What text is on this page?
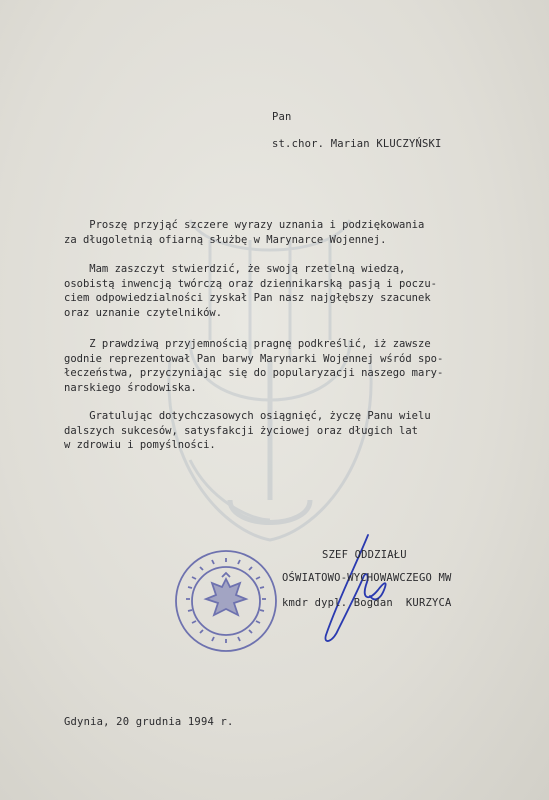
Pan
st.chor. Marian KLUCZYŃSKI
Proszę przyjąć szczere wyrazy uznania i podziękowania
za długoletnią ofiarną służbę w Marynarce Wojennej.
Mam zaszczyt stwierdzić, że swoją rzetelną wiedzą,
osobistą inwencją twórczą oraz dziennikarską pasją i poczu-
ciem odpowiedzialności zyskał Pan nasz najgłębszy szacunek
oraz uznanie czytelników.
Z prawdziwą przyjemnością pragnę podkreślić, iż zawsze
godnie reprezentował Pan barwy Marynarki Wojennej wśród spo-
łeczeństwa, przyczyniając się do popularyzacji naszego mary-
narskiego środowiska.
Gratulując dotychczasowych osiągnięć, życzę Panu wielu
dalszych sukcesów, satysfakcji życiowej oraz długich lat
w zdrowiu i pomyślności.
SZEF ODDZIAŁU
OŚWIATOWO-WYCHOWAWCZEGO MW
kmdr dypl. Bogdan  KURZYCA
Gdynia, 20 grudnia 1994 r.
